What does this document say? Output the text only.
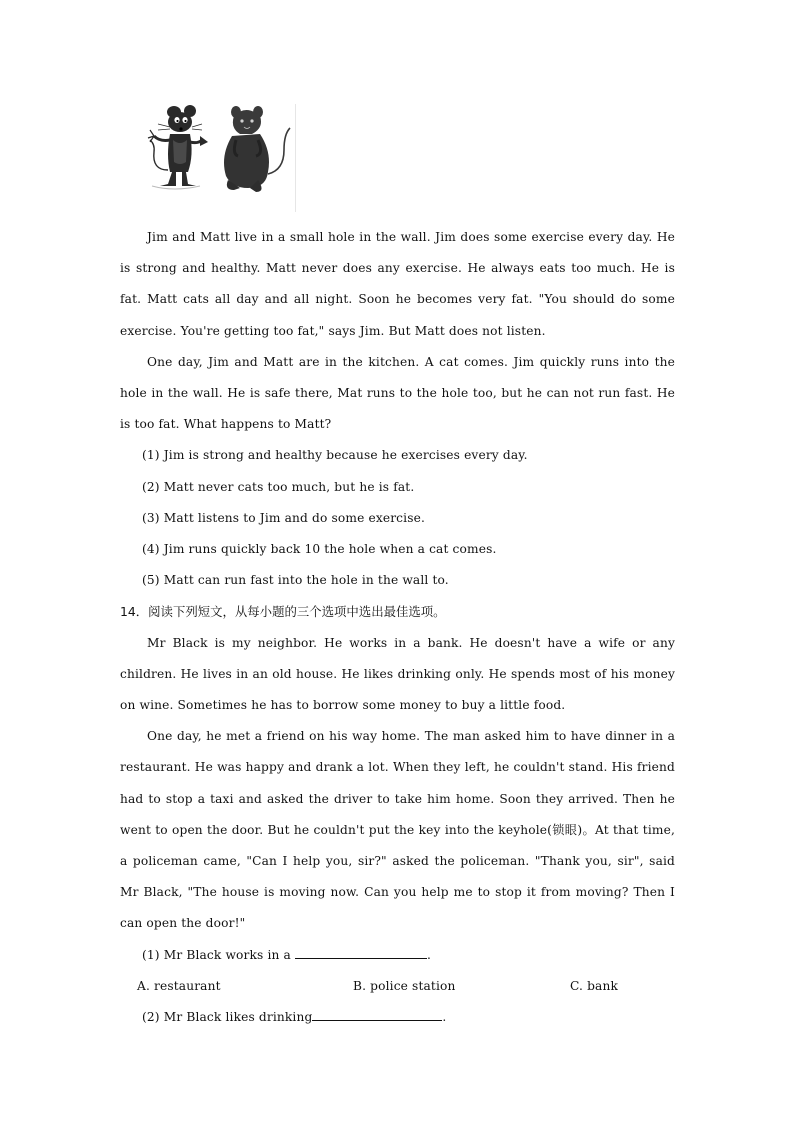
Jim and Matt live in a small hole in the wall. Jim does some exercise every day. He is strong and healthy. Matt never does any exercise. He always eats too much. He is fat. Matt cats all day and all night. Soon he becomes very fat. "You should do some exercise. You're getting too fat," says Jim. But Matt does not listen.

One day, Jim and Matt are in the kitchen. A cat comes. Jim quickly runs into the hole in the wall. He is safe there, Mat runs to the hole too, but he can not run fast. He is too fat. What happens to Matt?

(1) Jim is strong and healthy because he exercises every day.

(2) Matt never cats too much, but he is fat.

(3) Matt listens to Jim and do some exercise.

(4) Jim runs quickly back 10 the hole when a cat comes.

(5) Matt can run fast into the hole in the wall to.

14．阅读下列短文，从每小题的三个选项中选出最佳选项。

Mr Black is my neighbor. He works in a bank. He doesn't have a wife or any children. He lives in an old house. He likes drinking only. He spends most of his money on wine. Sometimes he has to borrow some money to buy a little food.

One day, he met a friend on his way home. The man asked him to have dinner in a restaurant. He was happy and drank a lot. When they left, he couldn't stand. His friend had to stop a taxi and asked the driver to take him home. Soon they arrived. Then he went to open the door. But he couldn't put the key into the keyhole(锁眼)。At that time, a policeman came, "Can I help you, sir?" asked the policeman. "Thank you, sir", said Mr Black, "The house is moving now. Can you help me to stop it from moving? Then I can open the door!"

(1) Mr Black works in a	.

A. restaurant	B. police station	C. bank

(2) Mr Black likes drinking	.
